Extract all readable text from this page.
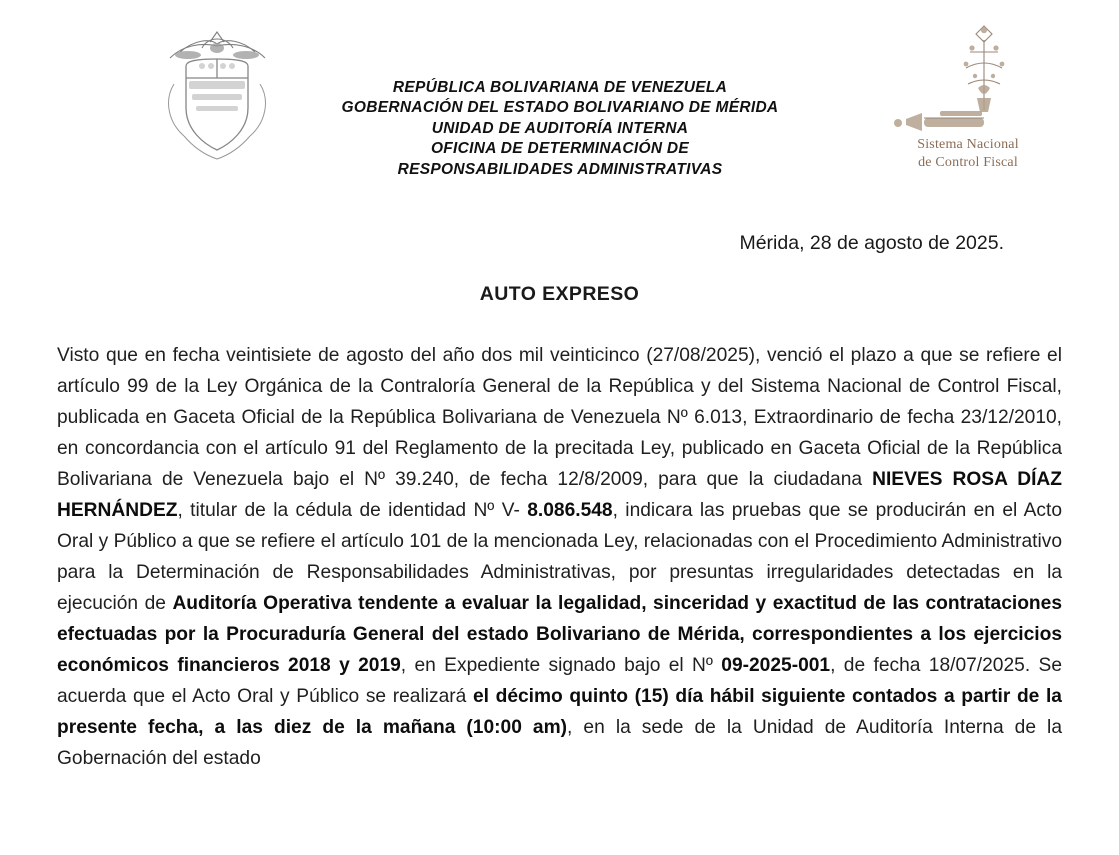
REPÚBLICA BOLIVARIANA DE VENEZUELA
GOBERNACIÓN DEL ESTADO BOLIVARIANO DE MÉRIDA
UNIDAD DE AUDITORÍA INTERNA
OFICINA DE DETERMINACIÓN DE
RESPONSABILIDADES ADMINISTRATIVAS
Sistema Nacional
de Control Fiscal
Mérida, 28 de agosto de 2025.
AUTO EXPRESO
Visto que en fecha veintisiete de agosto del año dos mil veinticinco (27/08/2025), venció el plazo a que se refiere el artículo 99 de la Ley Orgánica de la Contraloría General de la República y del Sistema Nacional de Control Fiscal, publicada en Gaceta Oficial de la República Bolivariana de Venezuela Nº 6.013, Extraordinario de fecha 23/12/2010, en concordancia con el artículo 91 del Reglamento de la precitada Ley, publicado en Gaceta Oficial de la República Bolivariana de Venezuela bajo el Nº 39.240, de fecha 12/8/2009, para que la ciudadana NIEVES ROSA DÍAZ HERNÁNDEZ, titular de la cédula de identidad Nº V- 8.086.548, indicara las pruebas que se producirán en el Acto Oral y Público a que se refiere el artículo 101 de la mencionada Ley, relacionadas con el Procedimiento Administrativo para la Determinación de Responsabilidades Administrativas, por presuntas irregularidades detectadas en la ejecución de Auditoría Operativa tendente a evaluar la legalidad, sinceridad y exactitud de las contrataciones efectuadas por la Procuraduría General del estado Bolivariano de Mérida, correspondientes a los ejercicios económicos financieros 2018 y 2019, en Expediente signado bajo el Nº 09-2025-001, de fecha 18/07/2025. Se acuerda que el Acto Oral y Público se realizará el décimo quinto (15) día hábil siguiente contados a partir de la presente fecha, a las diez de la mañana (10:00 am), en la sede de la Unidad de Auditoría Interna de la Gobernación del estado
